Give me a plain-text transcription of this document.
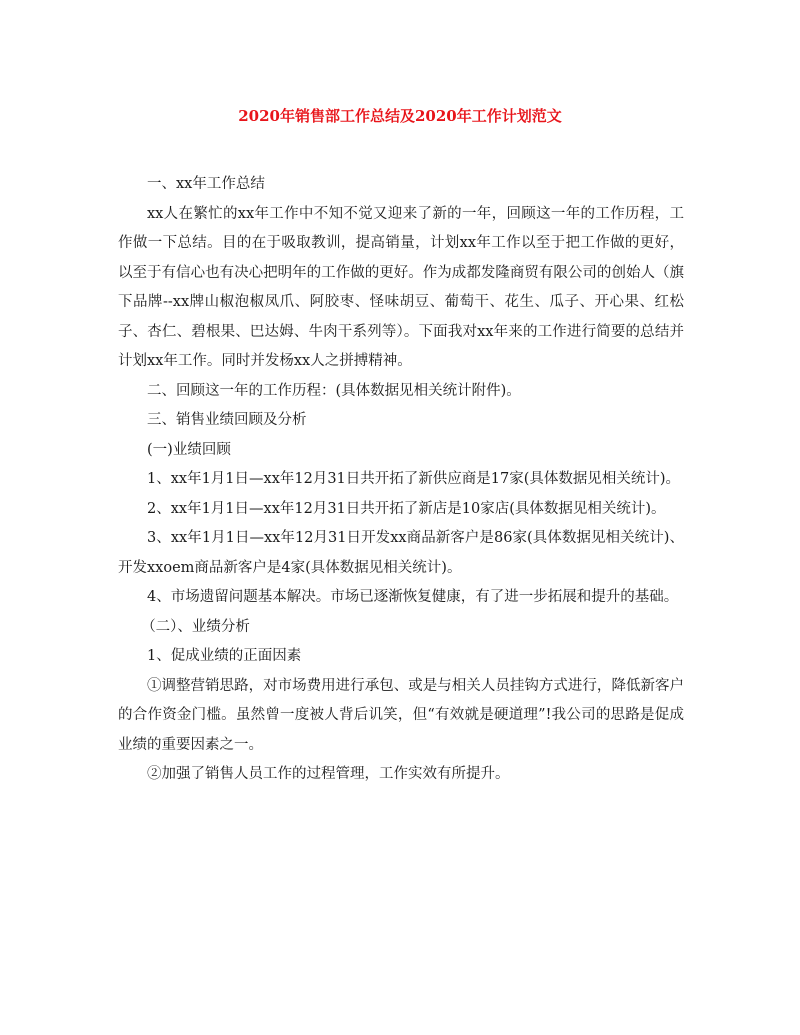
2020年销售部工作总结及2020年工作计划范文

一、xx年工作总结

xx人在繁忙的xx年工作中不知不觉又迎来了新的一年，回顾这一年的工作历程，工作做一下总结。目的在于吸取教训，提高销量，计划xx年工作以至于把工作做的更好，以至于有信心也有决心把明年的工作做的更好。作为成都发隆商贸有限公司的创始人（旗下品牌--xx牌山椒泡椒凤爪、阿胶枣、怪味胡豆、葡萄干、花生、瓜子、开心果、红松子、杏仁、碧根果、巴达姆、牛肉干系列等）。下面我对xx年来的工作进行简要的总结并计划xx年工作。同时并发杨xx人之拼搏精神。

二、回顾这一年的工作历程：(具体数据见相关统计附件)。

三、销售业绩回顾及分析

(一)业绩回顾

1、xx年1月1日—xx年12月31日共开拓了新供应商是17家(具体数据见相关统计)。

2、xx年1月1日—xx年12月31日共开拓了新店是10家店(具体数据见相关统计)。

3、xx年1月1日—xx年12月31日开发xx商品新客户是86家(具体数据见相关统计)、开发xxoem商品新客户是4家(具体数据见相关统计)。

4、市场遗留问题基本解决。市场已逐渐恢复健康，有了进一步拓展和提升的基础。

（二）、业绩分析

1、促成业绩的正面因素

①调整营销思路，对市场费用进行承包、或是与相关人员挂钩方式进行，降低新客户的合作资金门槛。虽然曾一度被人背后讥笑，但“有效就是硬道理”!我公司的思路是促成业绩的重要因素之一。

②加强了销售人员工作的过程管理，工作实效有所提升。
